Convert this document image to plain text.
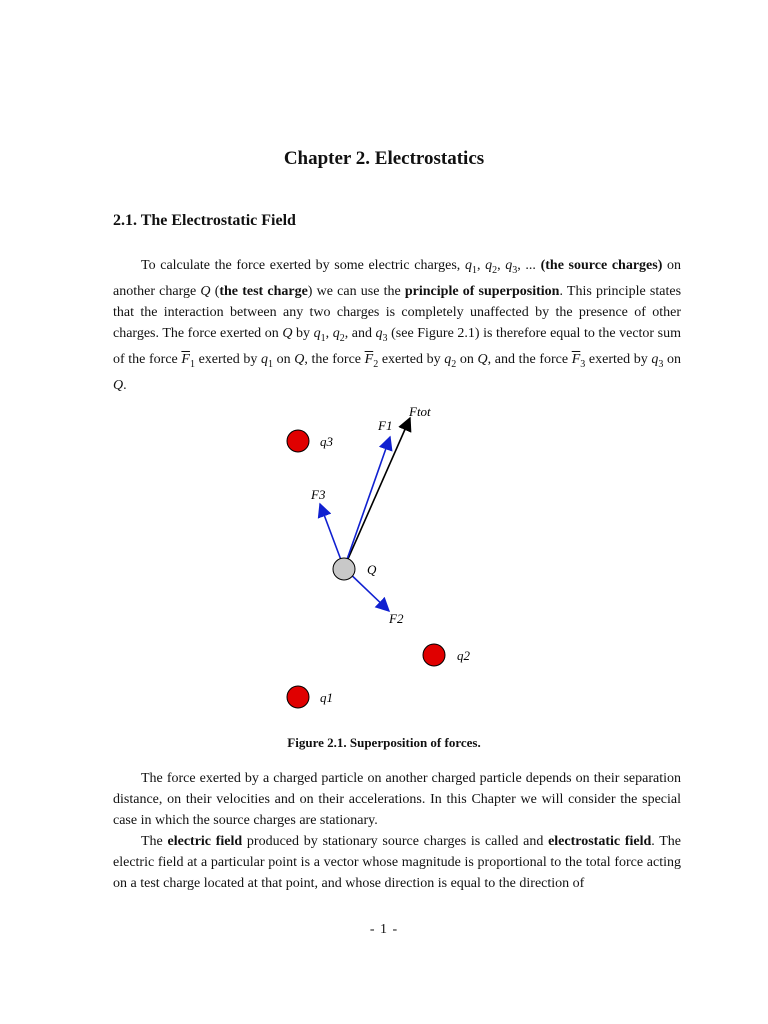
Chapter 2. Electrostatics
2.1. The Electrostatic Field

To calculate the force exerted by some electric charges, $q_1$, $q_2$, $q_3$, ... (the source charges) on another charge Q (the test charge) we can use the principle of superposition. This principle states that the interaction between any two charges is completely unaffected by the presence of other charges. The force exerted on Q by $q_1$, $q_2$, and $q_3$ (see Figure 2.1) is therefore equal to the vector sum of the force $\overline{F}_1$ exerted by $q_1$ on Q, the force $\overline{F}_2$ exerted by $q_2$ on Q, and the force $\overline{F}_3$ exerted by $q_3$ on Q.

Ftot
F1
F3
F2
Q
q3
q2
q1

Figure 2.1. Superposition of forces.

The force exerted by a charged particle on another charged particle depends on their separation distance, on their velocities and on their accelerations. In this Chapter we will consider the special case in which the source charges are stationary.

The electric field produced by stationary source charges is called and electrostatic field. The electric field at a particular point is a vector whose magnitude is proportional to the total force acting on a test charge located at that point, and whose direction is equal to the direction of

- 1 -
